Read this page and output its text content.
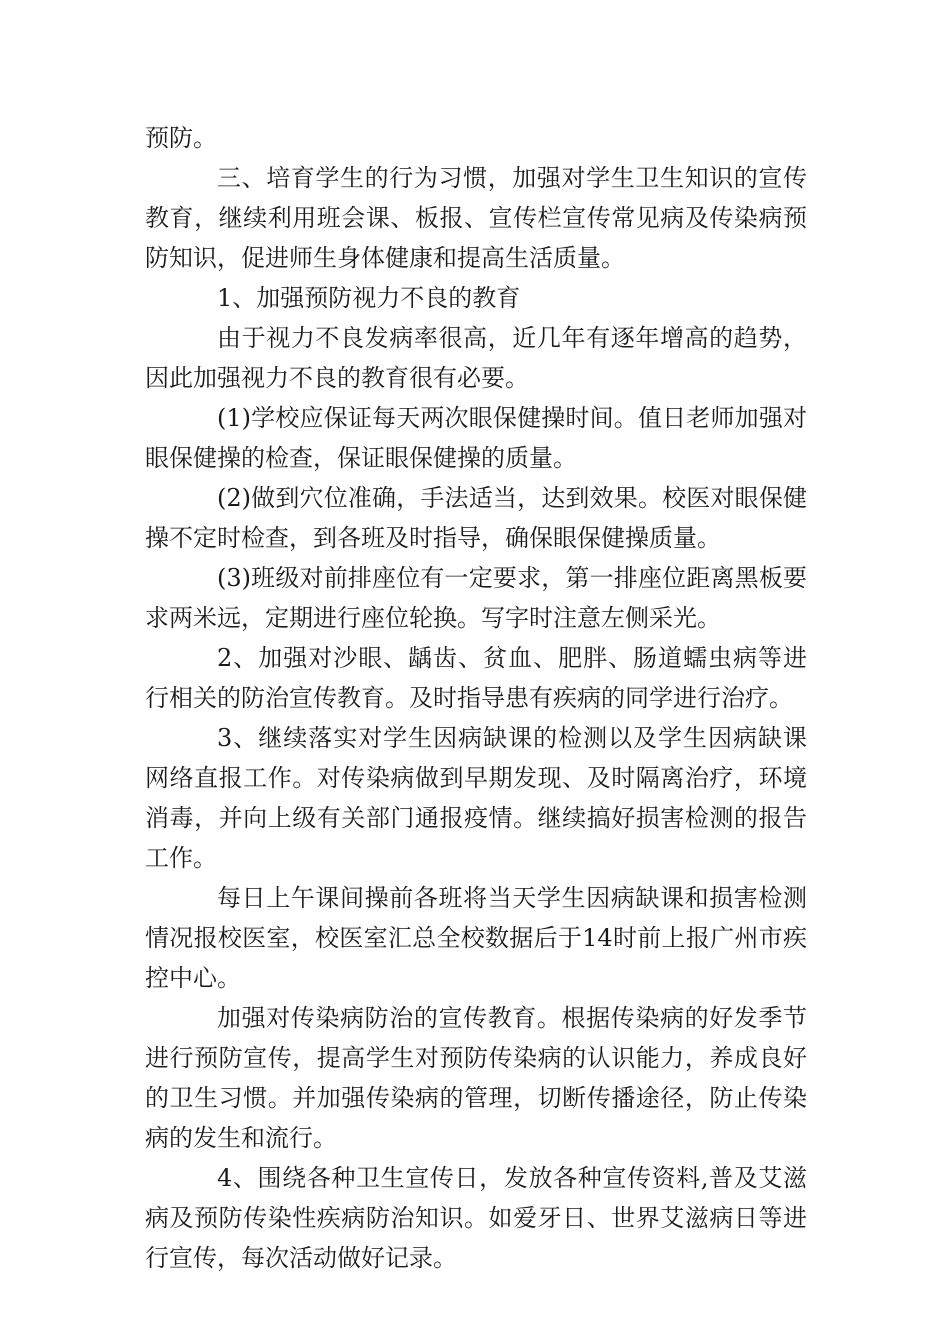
预防。

三、培育学生的行为习惯，加强对学生卫生知识的宣传教育，继续利用班会课、板报、宣传栏宣传常见病及传染病预防知识，促进师生身体健康和提高生活质量。

1、加强预防视力不良的教育

由于视力不良发病率很高，近几年有逐年增高的趋势，因此加强视力不良的教育很有必要。

(1)学校应保证每天两次眼保健操时间。值日老师加强对眼保健操的检查，保证眼保健操的质量。

(2)做到穴位准确，手法适当，达到效果。校医对眼保健操不定时检查，到各班及时指导，确保眼保健操质量。

(3)班级对前排座位有一定要求，第一排座位距离黑板要求两米远，定期进行座位轮换。写字时注意左侧采光。

2、加强对沙眼、龋齿、贫血、肥胖、肠道蠕虫病等进行相关的防治宣传教育。及时指导患有疾病的同学进行治疗。

3、继续落实对学生因病缺课的检测以及学生因病缺课网络直报工作。对传染病做到早期发现、及时隔离治疗，环境消毒，并向上级有关部门通报疫情。继续搞好损害检测的报告工作。

每日上午课间操前各班将当天学生因病缺课和损害检测情况报校医室，校医室汇总全校数据后于14时前上报广州市疾控中心。

加强对传染病防治的宣传教育。根据传染病的好发季节进行预防宣传，提高学生对预防传染病的认识能力，养成良好的卫生习惯。并加强传染病的管理，切断传播途径，防止传染病的发生和流行。

4、围绕各种卫生宣传日，发放各种宣传资料,普及艾滋病及预防传染性疾病防治知识。如爱牙日、世界艾滋病日等进行宣传，每次活动做好记录。
